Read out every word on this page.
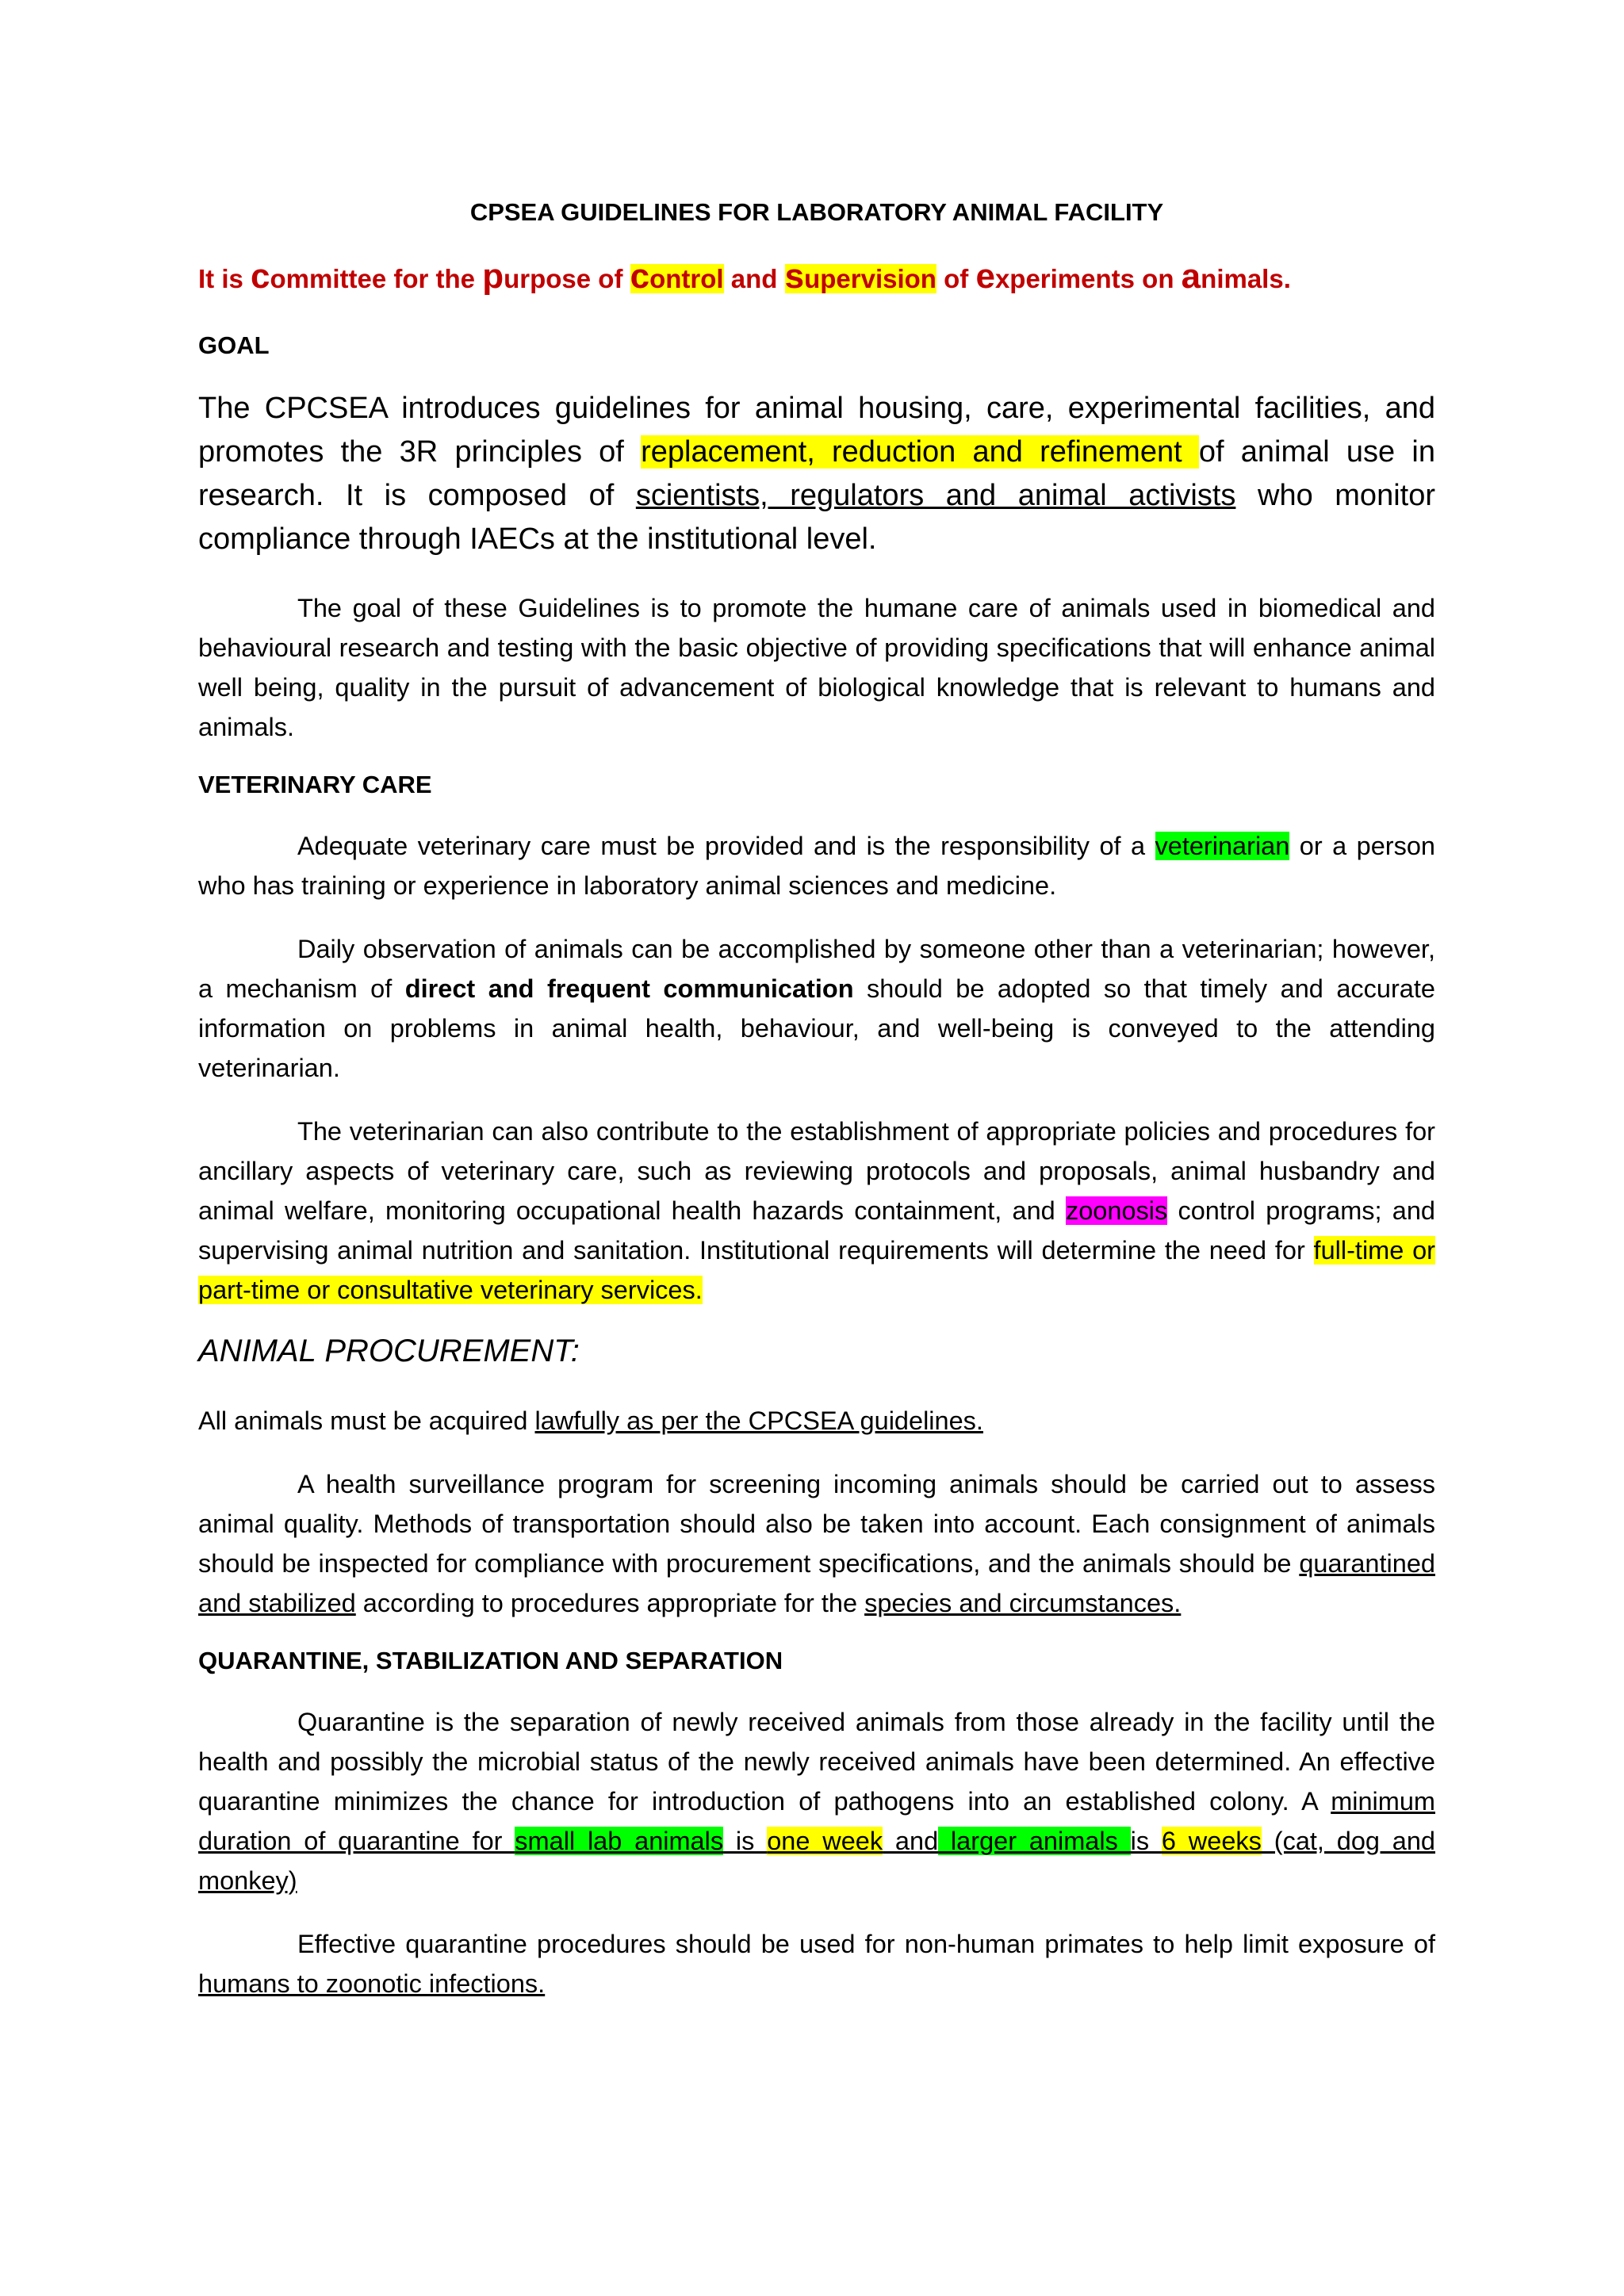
CPSEA GUIDELINES FOR LABORATORY ANIMAL FACILITY
It is committee for the purpose of control and supervision of experiments on animals.
GOAL

The CPCSEA introduces guidelines for animal housing, care, experimental facilities, and promotes the 3R principles of replacement, reduction and refinement of animal use in research. It is composed of scientists, regulators and animal activists who monitor compliance through IAECs at the institutional level.

The goal of these Guidelines is to promote the humane care of animals used in biomedical and behavioural research and testing with the basic objective of providing specifications that will enhance animal well being, quality in the pursuit of advancement of biological knowledge that is relevant to humans and animals.

VETERINARY CARE

Adequate veterinary care must be provided and is the responsibility of a veterinarian or a person who has training or experience in laboratory animal sciences and medicine.

Daily observation of animals can be accomplished by someone other than a veterinarian; however, a mechanism of direct and frequent communication should be adopted so that timely and accurate information on problems in animal health, behaviour, and well-being is conveyed to the attending veterinarian.

The veterinarian can also contribute to the establishment of appropriate policies and procedures for ancillary aspects of veterinary care, such as reviewing protocols and proposals, animal husbandry and animal welfare, monitoring occupational health hazards containment, and zoonosis control programs; and supervising animal nutrition and sanitation. Institutional requirements will determine the need for full-time or part-time or consultative veterinary services.

ANIMAL PROCUREMENT:

All animals must be acquired lawfully as per the CPCSEA guidelines.

A health surveillance program for screening incoming animals should be carried out to assess animal quality. Methods of transportation should also be taken into account. Each consignment of animals should be inspected for compliance with procurement specifications, and the animals should be quarantined and stabilized according to procedures appropriate for the species and circumstances.

QUARANTINE, STABILIZATION AND SEPARATION

Quarantine is the separation of newly received animals from those already in the facility until the health and possibly the microbial status of the newly received animals have been determined. An effective quarantine minimizes the chance for introduction of pathogens into an established colony. A minimum duration of quarantine for small lab animals is one week and larger animals is 6 weeks (cat, dog and monkey)

Effective quarantine procedures should be used for non-human primates to help limit exposure of humans to zoonotic infections.
